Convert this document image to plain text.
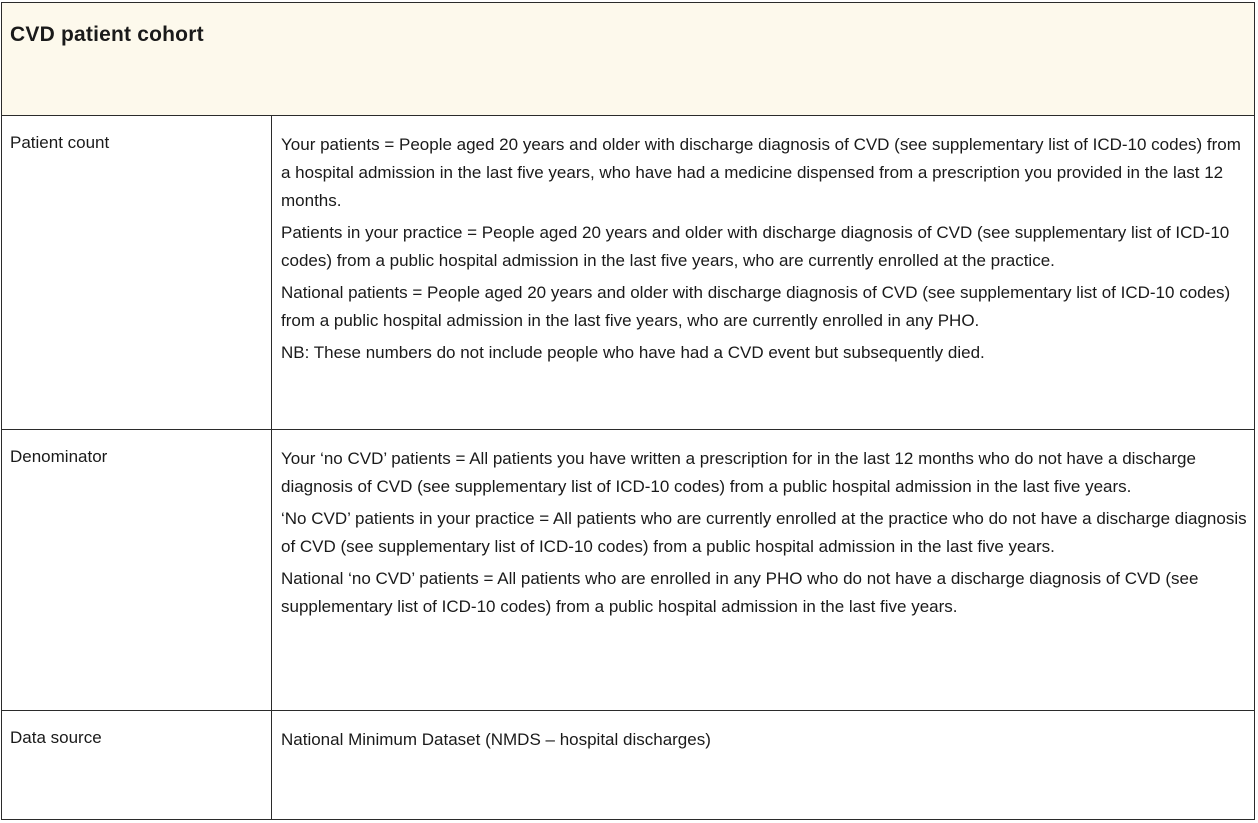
CVD patient cohort
Patient count	Your patients = People aged 20 years and older with discharge diagnosis of CVD (see supplementary list of ICD-10 codes) from a hospital admission in the last five years, who have had a medicine dispensed from a prescription you provided in the last 12 months.

Patients in your practice = People aged 20 years and older with discharge diagnosis of CVD (see supplementary list of ICD-10 codes) from a public hospital admission in the last five years, who are currently enrolled at the practice.

National patients = People aged 20 years and older with discharge diagnosis of CVD (see supplementary list of ICD-10 codes) from a public hospital admission in the last five years, who are currently enrolled in any PHO.

NB: These numbers do not include people who have had a CVD event but subsequently died.

Denominator	Your ‘no CVD’ patients = All patients you have written a prescription for in the last 12 months who do not have a discharge diagnosis of CVD (see supplementary list of ICD-10 codes) from a public hospital admission in the last five years.

‘No CVD’ patients in your practice = All patients who are currently enrolled at the practice who do not have a discharge diagnosis of CVD (see supplementary list of ICD-10 codes) from a public hospital admission in the last five years.

National ‘no CVD’ patients = All patients who are enrolled in any PHO who do not have a discharge diagnosis of CVD (see supplementary list of ICD-10 codes) from a public hospital admission in the last five years.

Data source	National Minimum Dataset (NMDS – hospital discharges)
